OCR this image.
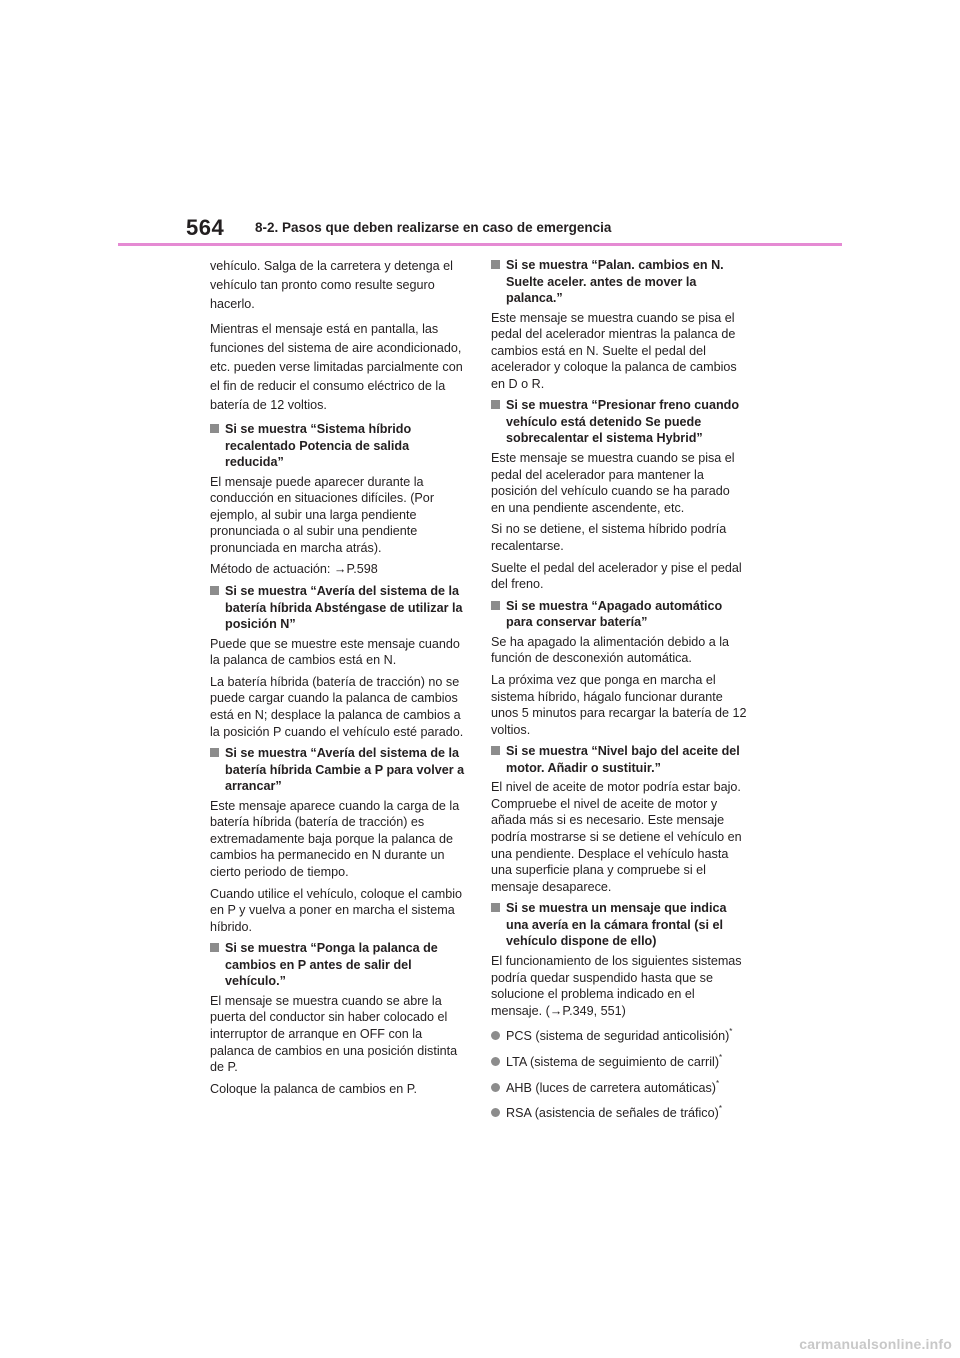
564 8-2. Pasos que deben realizarse en caso de emergencia

vehículo. Salga de la carretera y detenga el vehículo tan pronto como resulte seguro hacerlo.

Mientras el mensaje está en pantalla, las funciones del sistema de aire acondicionado, etc. pueden verse limitadas parcialmente con el fin de reducir el consumo eléctrico de la batería de 12 voltios.

Si se muestra “Sistema híbrido recalentado Potencia de salida reducida”

El mensaje puede aparecer durante la conducción en situaciones difíciles. (Por ejemplo, al subir una larga pendiente pronunciada o al subir una pendiente pronunciada en marcha atrás).

Método de actuación: →P.598

Si se muestra “Avería del sistema de la batería híbrida Absténgase de utilizar la posición N”

Puede que se muestre este mensaje cuando la palanca de cambios está en N.

La batería híbrida (batería de tracción) no se puede cargar cuando la palanca de cambios está en N; desplace la palanca de cambios a la posición P cuando el vehículo esté parado.

Si se muestra “Avería del sistema de la batería híbrida Cambie a P para volver a arrancar”

Este mensaje aparece cuando la carga de la batería híbrida (batería de tracción) es extremadamente baja porque la palanca de cambios ha permanecido en N durante un cierto periodo de tiempo.

Cuando utilice el vehículo, coloque el cambio en P y vuelva a poner en marcha el sistema híbrido.

Si se muestra “Ponga la palanca de cambios en P antes de salir del vehículo.”

El mensaje se muestra cuando se abre la puerta del conductor sin haber colocado el interruptor de arranque en OFF con la palanca de cambios en una posición distinta de P.

Coloque la palanca de cambios en P.

Si se muestra “Palan. cambios en N. Suelte aceler. antes de mover la palanca.”

Este mensaje se muestra cuando se pisa el pedal del acelerador mientras la palanca de cambios está en N. Suelte el pedal del acelerador y coloque la palanca de cambios en D o R.

Si se muestra “Presionar freno cuando vehículo está detenido Se puede sobrecalentar el sistema Hybrid”

Este mensaje se muestra cuando se pisa el pedal del acelerador para mantener la posición del vehículo cuando se ha parado en una pendiente ascendente, etc.

Si no se detiene, el sistema híbrido podría recalentarse.

Suelte el pedal del acelerador y pise el pedal del freno.

Si se muestra “Apagado automático para conservar batería”

Se ha apagado la alimentación debido a la función de desconexión automática.

La próxima vez que ponga en marcha el sistema híbrido, hágalo funcionar durante unos 5 minutos para recargar la batería de 12 voltios.

Si se muestra “Nivel bajo del aceite del motor. Añadir o sustituir.”

El nivel de aceite de motor podría estar bajo. Compruebe el nivel de aceite de motor y añada más si es necesario. Este mensaje podría mostrarse si se detiene el vehículo en una pendiente. Desplace el vehículo hasta una superficie plana y compruebe si el mensaje desaparece.

Si se muestra un mensaje que indica una avería en la cámara frontal (si el vehículo dispone de ello)

El funcionamiento de los siguientes sistemas podría quedar suspendido hasta que se solucione el problema indicado en el mensaje. (→P.349, 551)

PCS (sistema de seguridad anticolisión)*
LTA (sistema de seguimiento de carril)*
AHB (luces de carretera automáticas)*
RSA (asistencia de señales de tráfico)*
carmanualsonline.info
